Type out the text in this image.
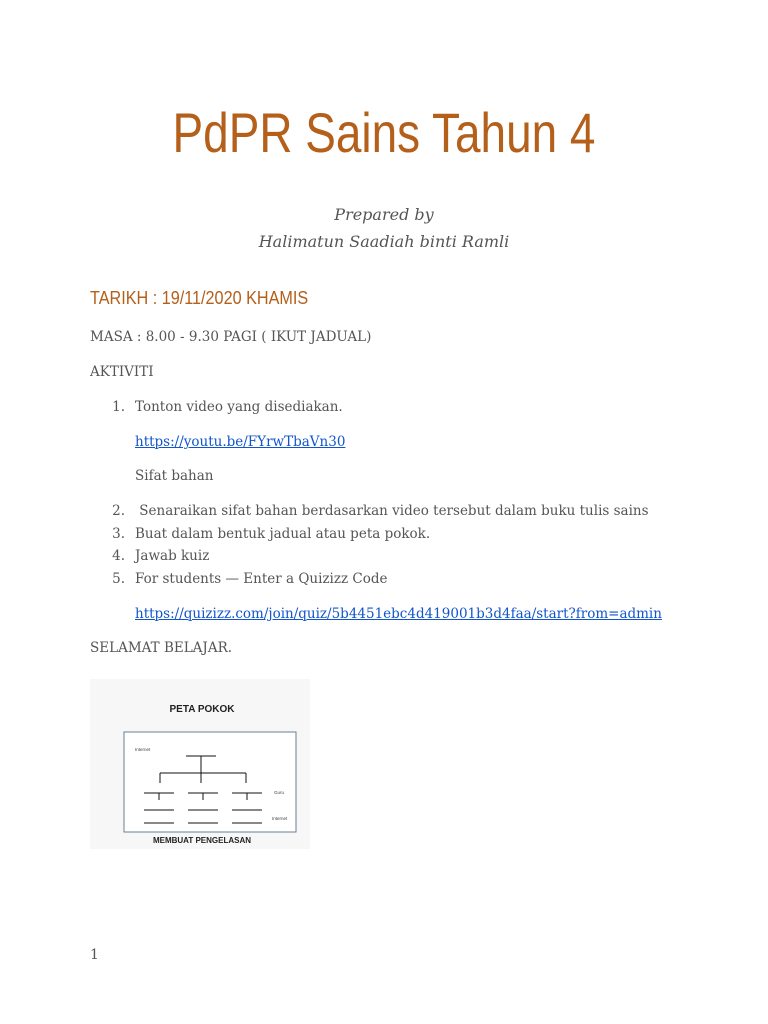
PdPR Sains Tahun 4
Prepared by
Halimatun Saadiah binti Ramli
TARIKH : 19/11/2020 KHAMIS
MASA : 8.00 - 9.30 PAGI ( IKUT JADUAL)
AKTIVITI
1. Tonton video yang disediakan.
https://youtu.be/FYrwTbaVn30
Sifat bahan
2. Senaraikan sifat bahan berdasarkan video tersebut dalam buku tulis sains
3. Buat dalam bentuk jadual atau peta pokok.
4. Jawab kuiz
5. For students — Enter a Quizizz Code
https://quizizz.com/join/quiz/5b4451ebc4d419001b3d4faa/start?from=admin
SELAMAT BELAJAR.
PETA POKOK
Internet
Guru
Internet
MEMBUAT PENGELASAN
1
